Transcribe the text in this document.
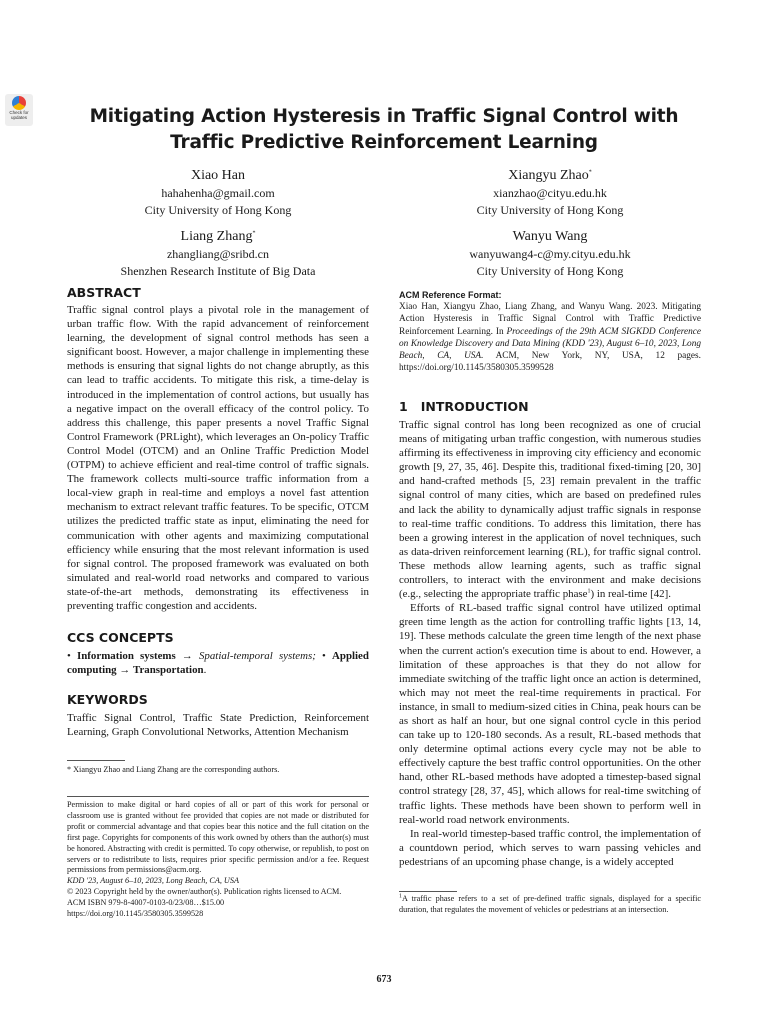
Check for
updates	Mitigating Action Hysteresis in Traffic Signal Control with
Traffic Predictive Reinforcement Learning
Xiao Han
hahahenha@gmail.com
City University of Hong Kong
Xiangyu Zhao*
xianzhao@cityu.edu.hk
City University of Hong Kong
Liang Zhang*
zhangliang@sribd.cn
Shenzhen Research Institute of Big Data
Wanyu Wang
wanyuwang4-c@my.cityu.edu.hk
City University of Hong Kong
ABSTRACT

Traffic signal control plays a pivotal role in the management of urban traffic flow. With the rapid advancement of reinforcement learning, the development of signal control methods has seen a significant boost. However, a major challenge in implementing these methods is ensuring that signal lights do not change abruptly, as this can lead to traffic accidents. To mitigate this risk, a time-delay is introduced in the implementation of control actions, but usually has a negative impact on the overall efficacy of the control policy. To address this challenge, this paper presents a novel Traffic Signal Control Framework (PRLight), which leverages an On-policy Traffic Control Model (OTCM) and an Online Traffic Prediction Model (OTPM) to achieve efficient and real-time control of traffic signals. The framework collects multi-source traffic information from a local-view graph in real-time and employs a novel fast attention mechanism to extract relevant traffic features. To be specific, OTCM utilizes the predicted traffic state as input, eliminating the need for communication with other agents and maximizing computational efficiency while ensuring that the most relevant information is used for signal control. The proposed framework was evaluated on both simulated and real-world road networks and compared to various state-of-the-art methods, demonstrating its effectiveness in preventing traffic congestion and accidents.

CCS CONCEPTS

• Information systems → Spatial-temporal systems; • Applied computing → Transportation.

KEYWORDS

Traffic Signal Control, Traffic State Prediction, Reinforcement Learning, Graph Convolutional Networks, Attention Mechanism

* Xiangyu Zhao and Liang Zhang are the corresponding authors.

Permission to make digital or hard copies of all or part of this work for personal or classroom use is granted without fee provided that copies are not made or distributed for profit or commercial advantage and that copies bear this notice and the full citation on the first page. Copyrights for components of this work owned by others than the author(s) must be honored. Abstracting with credit is permitted. To copy otherwise, or republish, to post on servers or to redistribute to lists, requires prior specific permission and/or a fee. Request permissions from permissions@acm.org.

KDD '23, August 6–10, 2023, Long Beach, CA, USA

© 2023 Copyright held by the owner/author(s). Publication rights licensed to ACM.

ACM ISBN 979-8-4007-0103-0/23/08…$15.00

https://doi.org/10.1145/3580305.3599528

ACM Reference Format:

Xiao Han, Xiangyu Zhao, Liang Zhang, and Wanyu Wang. 2023. Mitigating Action Hysteresis in Traffic Signal Control with Traffic Predictive Reinforcement Learning. In Proceedings of the 29th ACM SIGKDD Conference on Knowledge Discovery and Data Mining (KDD '23), August 6–10, 2023, Long Beach, CA, USA. ACM, New York, NY, USA, 12 pages. https://doi.org/10.1145/3580305.3599528

1   INTRODUCTION

Traffic signal control has long been recognized as one of crucial means of mitigating urban traffic congestion, with numerous studies affirming its effectiveness in improving city efficiency and economic growth [9, 27, 35, 46]. Despite this, traditional fixed-timing [20, 30] and hand-crafted methods [5, 23] remain prevalent in the traffic signal control of many cities, which are based on predefined rules and lack the ability to dynamically adjust traffic signals in response to real-time traffic conditions. To address this limitation, there has been a growing interest in the application of novel techniques, such as data-driven reinforcement learning (RL), for traffic signal control. These methods allow learning agents, such as traffic signal controllers, to interact with the environment and make decisions (e.g., selecting the appropriate traffic phase$^1$) in real-time [42].

Efforts of RL-based traffic signal control have utilized optimal green time length as the action for controlling traffic lights [13, 14, 19]. These methods calculate the green time length of the next phase when the current action's execution time is about to end. However, a limitation of these approaches is that they do not allow for immediate switching of the traffic light once an action is determined, which may not meet the real-time requirements in practical. For instance, in small to medium-sized cities in China, peak hours can be as short as half an hour, but one signal control cycle in this period can take up to 120-180 seconds. As a result, RL-based methods that only determine optimal actions every cycle may not be able to effectively capture the best traffic control opportunities. On the other hand, other RL-based methods have adopted a timestep-based signal control strategy [28, 37, 45], which allows for real-time switching of traffic lights. These methods have been shown to perform well in real-world road network environments.

In real-world timestep-based traffic control, the implementation of a countdown period, which serves to warn passing vehicles and pedestrians of an upcoming phase change, is a widely accepted

$^1$A traffic phase refers to a set of pre-defined traffic signals, displayed for a specific duration, that regulates the movement of vehicles or pedestrians at an intersection.

673
